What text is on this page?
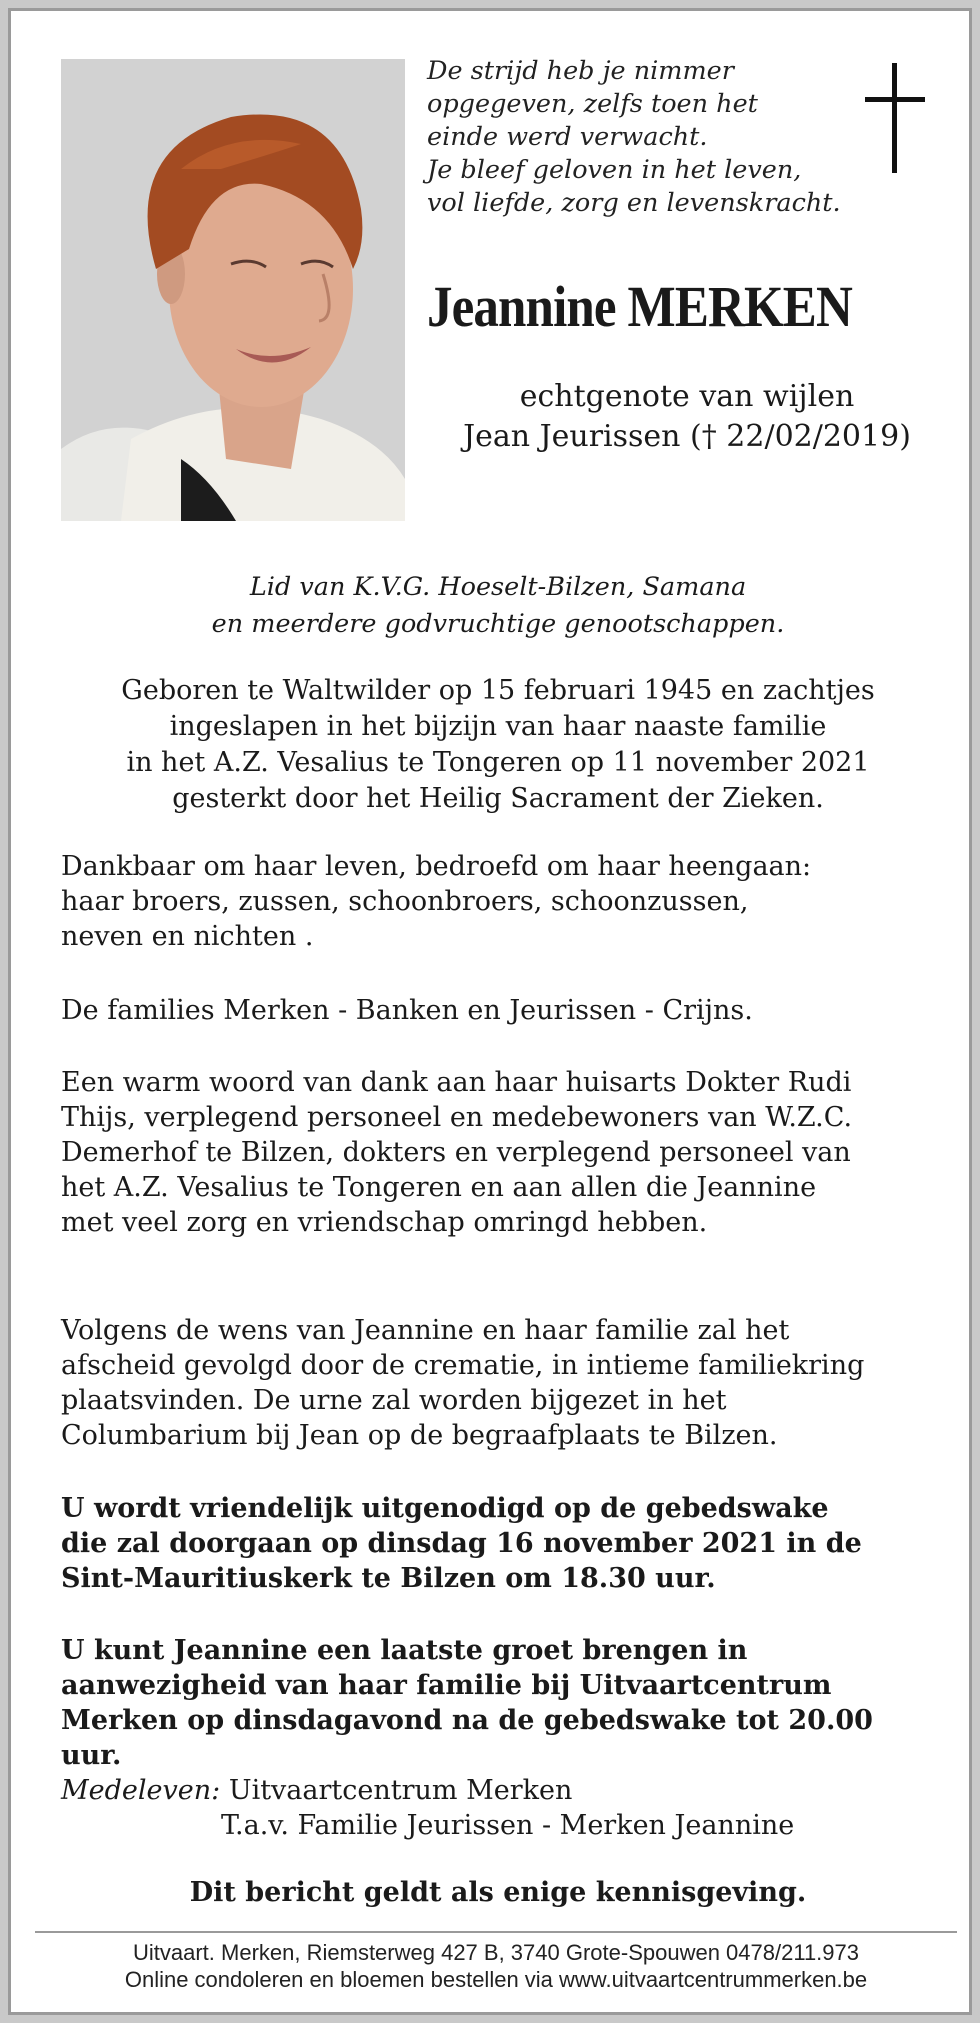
De strijd heb je nimmer
opgegeven, zelfs toen het
einde werd verwacht.
Je bleef geloven in het leven,
vol liefde, zorg en levenskracht.
Jeannine MERKEN
echtgenote van wijlen
Jean Jeurissen († 22/02/2019)
Lid van K.V.G. Hoeselt-Bilzen, Samana
en meerdere godvruchtige genootschappen.
Geboren te Waltwilder op 15 februari 1945 en zachtjes
ingeslapen in het bijzijn van haar naaste familie
in het A.Z. Vesalius te Tongeren op 11 november 2021
gesterkt door het Heilig Sacrament der Zieken.
Dankbaar om haar leven, bedroefd om haar heengaan:
haar broers, zussen, schoonbroers, schoonzussen,
neven en nichten .
De families Merken - Banken en Jeurissen - Crijns.
Een warm woord van dank aan haar huisarts Dokter Rudi
Thijs, verplegend personeel en medebewoners van W.Z.C.
Demerhof te Bilzen, dokters en verplegend personeel van
het A.Z. Vesalius te Tongeren en aan allen die Jeannine
met veel zorg en vriendschap omringd hebben.
Volgens de wens van Jeannine en haar familie zal het
afscheid gevolgd door de crematie, in intieme familiekring
plaatsvinden. De urne zal worden bijgezet in het
Columbarium bij Jean op de begraafplaats te Bilzen.
U wordt vriendelijk uitgenodigd op de gebedswake
die zal doorgaan op dinsdag 16 november 2021 in de
Sint-Mauritiuskerk te Bilzen om 18.30 uur.
U kunt Jeannine een laatste groet brengen in
aanwezigheid van haar familie bij Uitvaartcentrum
Merken op dinsdagavond na de gebedswake tot 20.00 uur.
Medeleven: Uitvaartcentrum Merken
T.a.v. Familie Jeurissen - Merken Jeannine
Dit bericht geldt als enige kennisgeving.
Uitvaart. Merken, Riemsterweg 427 B, 3740 Grote-Spouwen 0478/211.973
Online condoleren en bloemen bestellen via www.uitvaartcentrummerken.be
